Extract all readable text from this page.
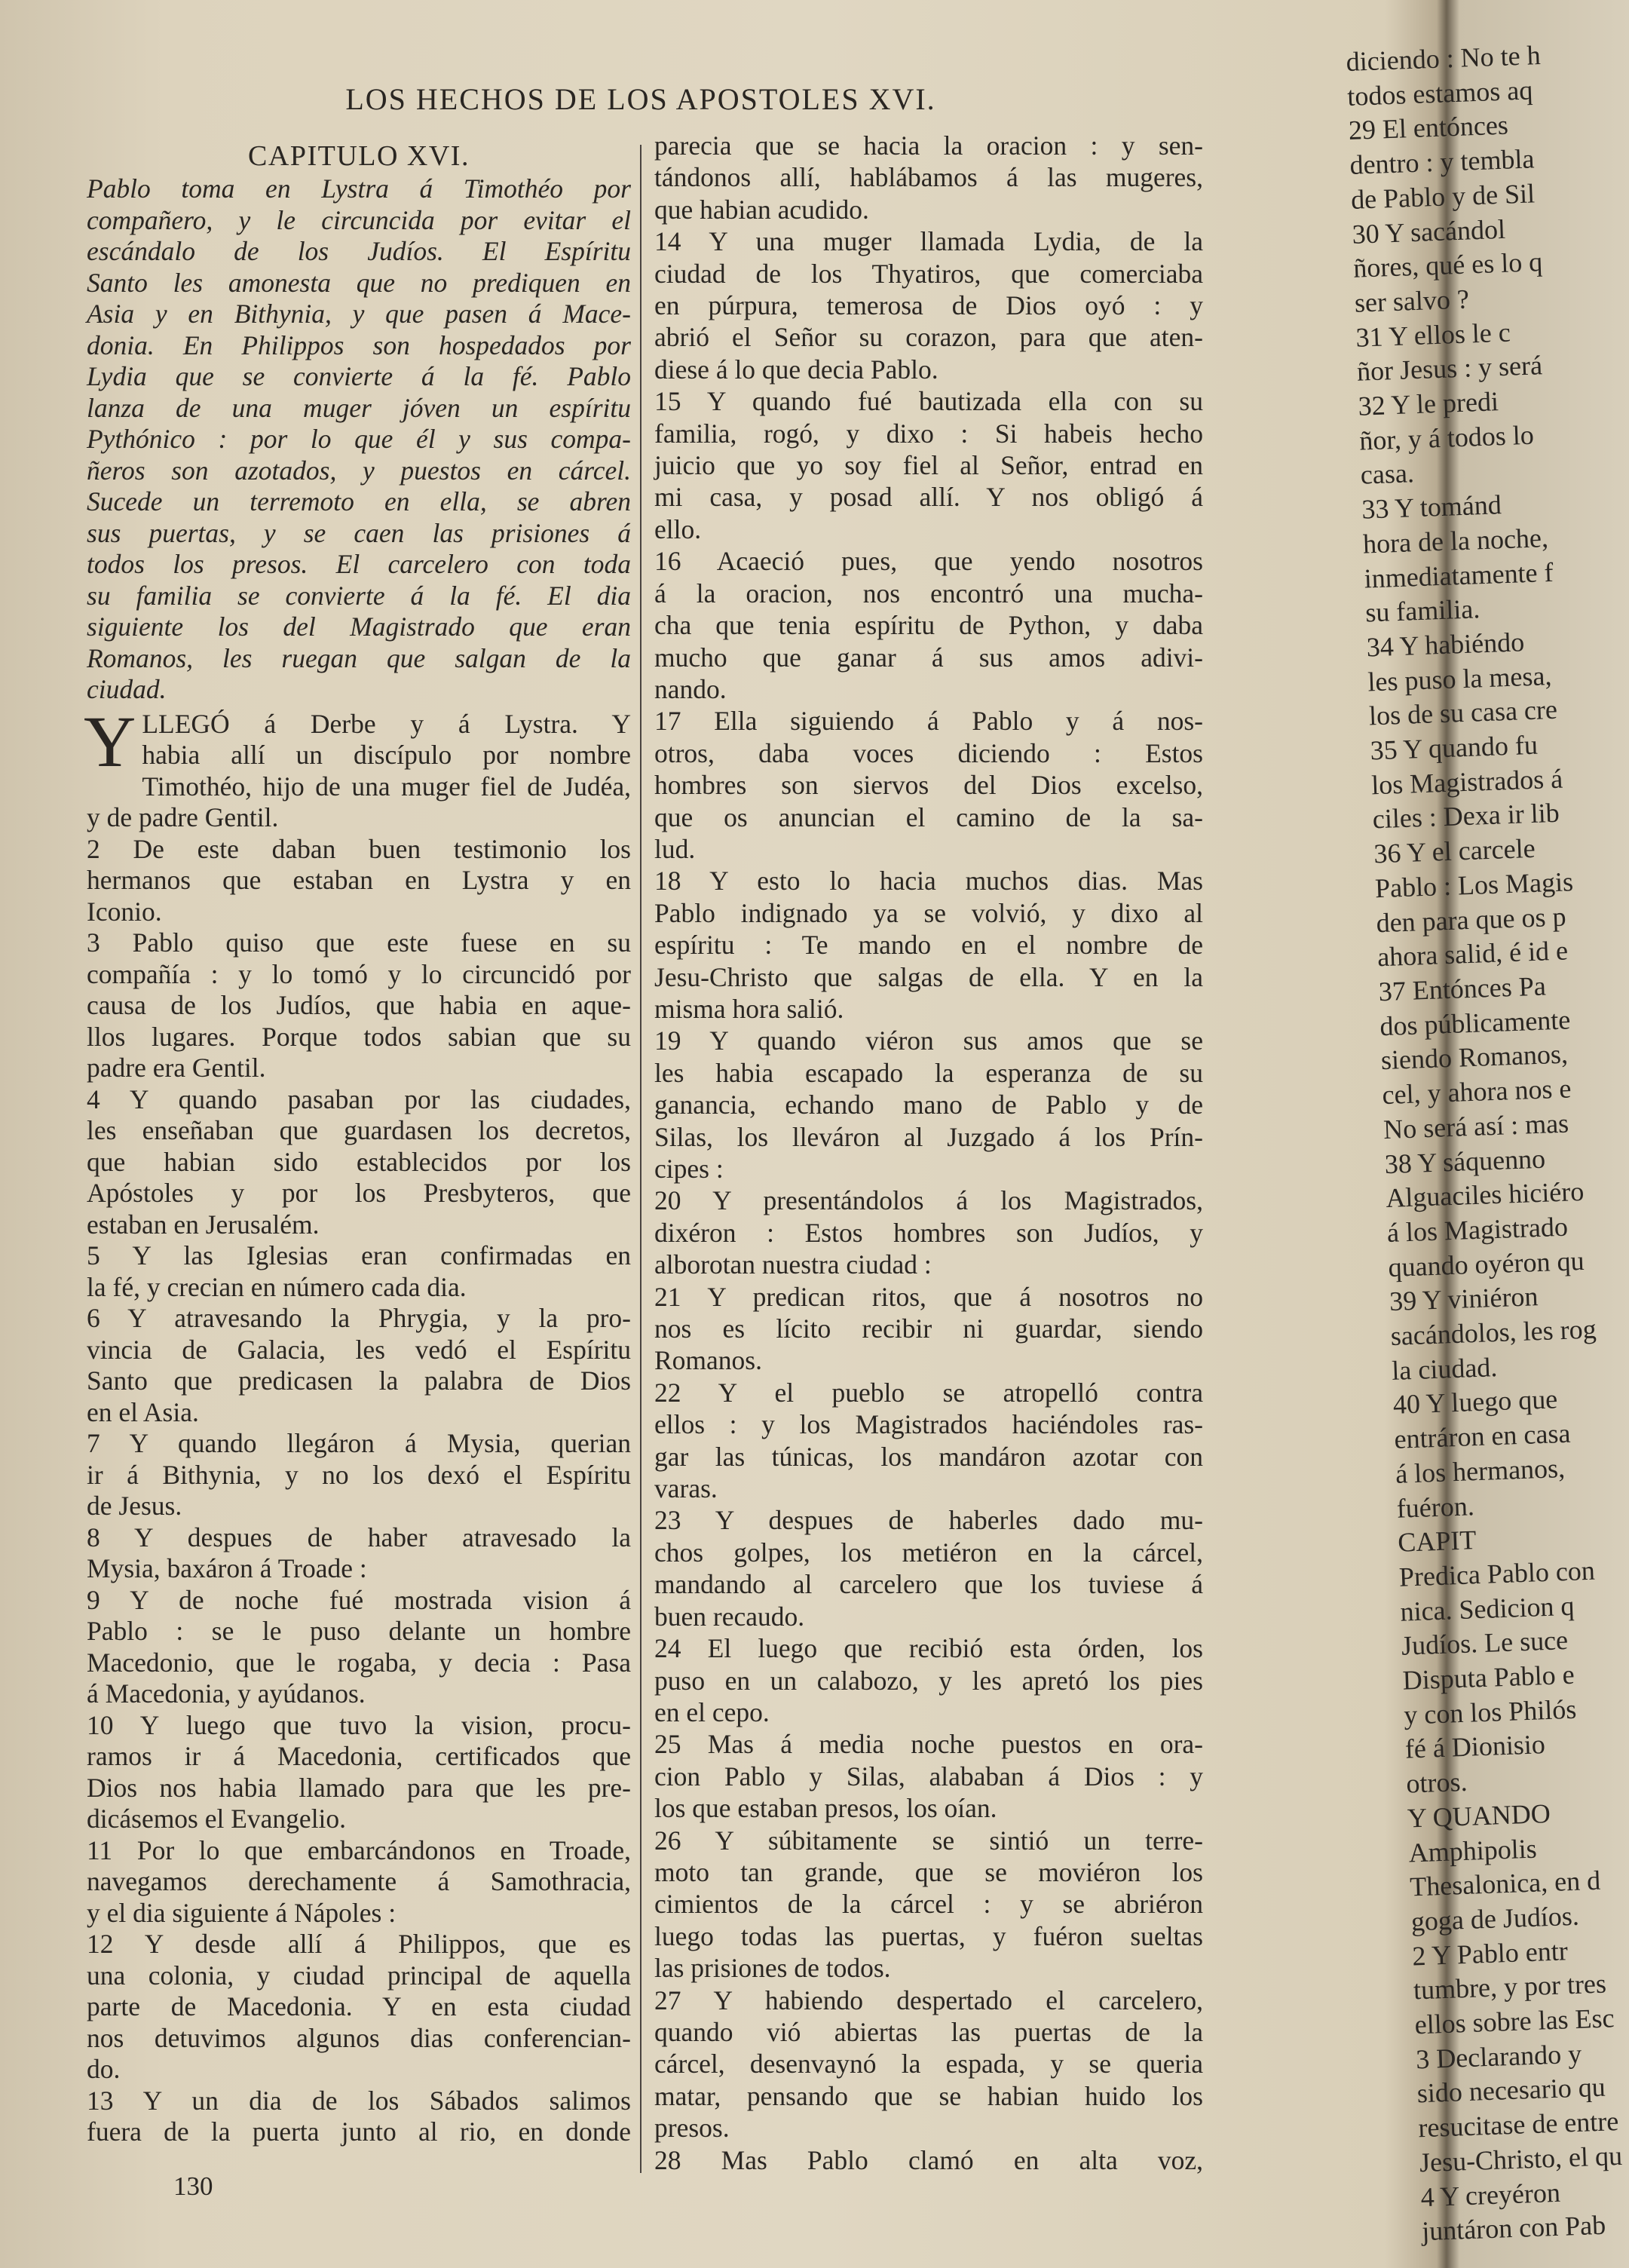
LOS HECHOS DE LOS APOSTOLES XVI.
CAPITULO XVI.
Pablo toma en Lystra á Timothéo por
compañero, y le circuncida por evitar el
escándalo de los Judíos. El Espíritu
Santo les amonesta que no prediquen en
Asia y en Bithynia, y que pasen á Mace-
donia. En Philippos son hospedados por
Lydia que se convierte á la fé. Pablo
lanza de una muger jóven un espíritu
Pythónico : por lo que él y sus compa-
ñeros son azotados, y puestos en cárcel.
Sucede un terremoto en ella, se abren
sus puertas, y se caen las prisiones á
todos los presos. El carcelero con toda
su familia se convierte á la fé. El dia
siguiente los del Magistrado que eran
Romanos, les ruegan que salgan de la
ciudad.
Y LLEGÓ á Derbe y á Lystra. Y
habia allí un discípulo por nombre
Timothéo, hijo de una muger fiel de Judéa,
y de padre Gentil.
2 De este daban buen testimonio los
hermanos que estaban en Lystra y en
Iconio.
3 Pablo quiso que este fuese en su
compañía : y lo tomó y lo circuncidó por
causa de los Judíos, que habia en aque-
llos lugares. Porque todos sabian que su
padre era Gentil.
4 Y quando pasaban por las ciudades,
les enseñaban que guardasen los decretos,
que habian sido establecidos por los
Apóstoles y por los Presbyteros, que
estaban en Jerusalém.
5 Y las Iglesias eran confirmadas en
la fé, y crecian en número cada dia.
6 Y atravesando la Phrygia, y la pro-
vincia de Galacia, les vedó el Espíritu
Santo que predicasen la palabra de Dios
en el Asia.
7 Y quando llegáron á Mysia, querian
ir á Bithynia, y no los dexó el Espíritu
de Jesus.
8 Y despues de haber atravesado la
Mysia, baxáron á Troade :
9 Y de noche fué mostrada vision á
Pablo : se le puso delante un hombre
Macedonio, que le rogaba, y decia : Pasa
á Macedonia, y ayúdanos.
10 Y luego que tuvo la vision, procu-
ramos ir á Macedonia, certificados que
Dios nos habia llamado para que les pre-
dicásemos el Evangelio.
11 Por lo que embarcándonos en Troade,
navegamos derechamente á Samothracia,
y el dia siguiente á Nápoles :
12 Y desde allí á Philippos, que es
una colonia, y ciudad principal de aquella
parte de Macedonia. Y en esta ciudad
nos detuvimos algunos dias conferencian-
do.
13 Y un dia de los Sábados salimos
fuera de la puerta junto al rio, en donde
parecia que se hacia la oracion : y sen-
tándonos allí, hablábamos á las mugeres,
que habian acudido.
14 Y una muger llamada Lydia, de la
ciudad de los Thyatiros, que comerciaba
en púrpura, temerosa de Dios oyó : y
abrió el Señor su corazon, para que aten-
diese á lo que decia Pablo.
15 Y quando fué bautizada ella con su
familia, rogó, y dixo : Si habeis hecho
juicio que yo soy fiel al Señor, entrad en
mi casa, y posad allí. Y nos obligó á
ello.
16 Acaeció pues, que yendo nosotros
á la oracion, nos encontró una mucha-
cha que tenia espíritu de Python, y daba
mucho que ganar á sus amos adivi-
nando.
17 Ella siguiendo á Pablo y á nos-
otros, daba voces diciendo : Estos
hombres son siervos del Dios excelso,
que os anuncian el camino de la sa-
lud.
18 Y esto lo hacia muchos dias. Mas
Pablo indignado ya se volvió, y dixo al
espíritu : Te mando en el nombre de
Jesu-Christo que salgas de ella. Y en la
misma hora salió.
19 Y quando viéron sus amos que se
les habia escapado la esperanza de su
ganancia, echando mano de Pablo y de
Silas, los lleváron al Juzgado á los Prín-
cipes :
20 Y presentándolos á los Magistrados,
dixéron : Estos hombres son Judíos, y
alborotan nuestra ciudad :
21 Y predican ritos, que á nosotros no
nos es lícito recibir ni guardar, siendo
Romanos.
22 Y el pueblo se atropelló contra
ellos : y los Magistrados haciéndoles ras-
gar las túnicas, los mandáron azotar con
varas.
23 Y despues de haberles dado mu-
chos golpes, los metiéron en la cárcel,
mandando al carcelero que los tuviese á
buen recaudo.
24 El luego que recibió esta órden, los
puso en un calabozo, y les apretó los pies
en el cepo.
25 Mas á media noche puestos en ora-
cion Pablo y Silas, alababan á Dios : y
los que estaban presos, los oían.
26 Y súbitamente se sintió un terre-
moto tan grande, que se moviéron los
cimientos de la cárcel : y se abriéron
luego todas las puertas, y fuéron sueltas
las prisiones de todos.
27 Y habiendo despertado el carcelero,
quando vió abiertas las puertas de la
cárcel, desenvaynó la espada, y se queria
matar, pensando que se habian huido los
presos.
28 Mas Pablo clamó en alta voz,
130
diciendo : No te h
todos estamos aq
29 El entónces
dentro : y tembla
de Pablo y de Sil
30 Y sacándol
ñores, qué es lo q
ser salvo ?
31 Y ellos le c
ñor Jesus : y será
32 Y le predi
ñor, y á todos lo
casa.
33 Y tománd
hora de la noche,
inmediatamente f
su familia.
34 Y habiéndo
les puso la mesa,
los de su casa cre
35 Y quando fu
los Magistrados á
ciles : Dexa ir lib
36 Y el carcele
Pablo : Los Magis
den para que os p
ahora salid, é id e
37 Entónces Pa
dos públicamente
siendo Romanos,
cel, y ahora nos e
No será así : mas
38 Y sáquenno
Alguaciles hiciéro
á los Magistrado
quando oyéron qu
39 Y viniéron
sacándolos, les rog
la ciudad.
40 Y luego que
entráron en casa
á los hermanos,
fuéron.
CAPIT
Predica Pablo con
nica. Sedicion q
Judíos. Le suce
Disputa Pablo e
y con los Philós
fé á Dionisio
otros.
Y QUANDO
Amphipolis
Thesalonica, en d
goga de Judíos.
2 Y Pablo entr
tumbre, y por tres
ellos sobre las Esc
3 Declarando y
sido necesario qu
resucitase de entre
Jesu-Christo, el qu
4 Y creyéron
juntáron con Pab
